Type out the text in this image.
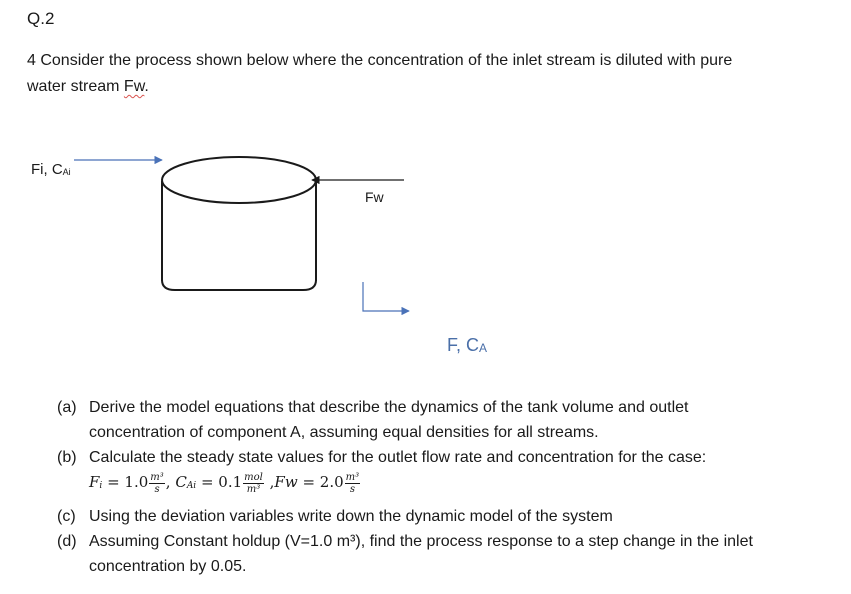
Q.2
4 Consider the process shown below where the concentration of the inlet stream is diluted with pure
water stream Fw.
Fi, $C_{Ai}$
Fw
F, $C_A$
(a) Derive the model equations that describe the dynamics of the tank volume and outlet
concentration of component A, assuming equal densities for all streams.
(b) Calculate the steady state values for the outlet flow rate and concentration for the case:
$F_i = 1.0 \frac{\text{m³}}{s}$ , $C_{Ai} = 0.1 \frac{\text{mol}}{\text{m³}} ,Fw = 2.0 \frac{\text{m³}}{s}$
(c) Using the deviation variables write down the dynamic model of the system
(d) Assuming Constant holdup (V=1.0 m³), find the process response to a step change in the inlet
concentration by 0.05.
